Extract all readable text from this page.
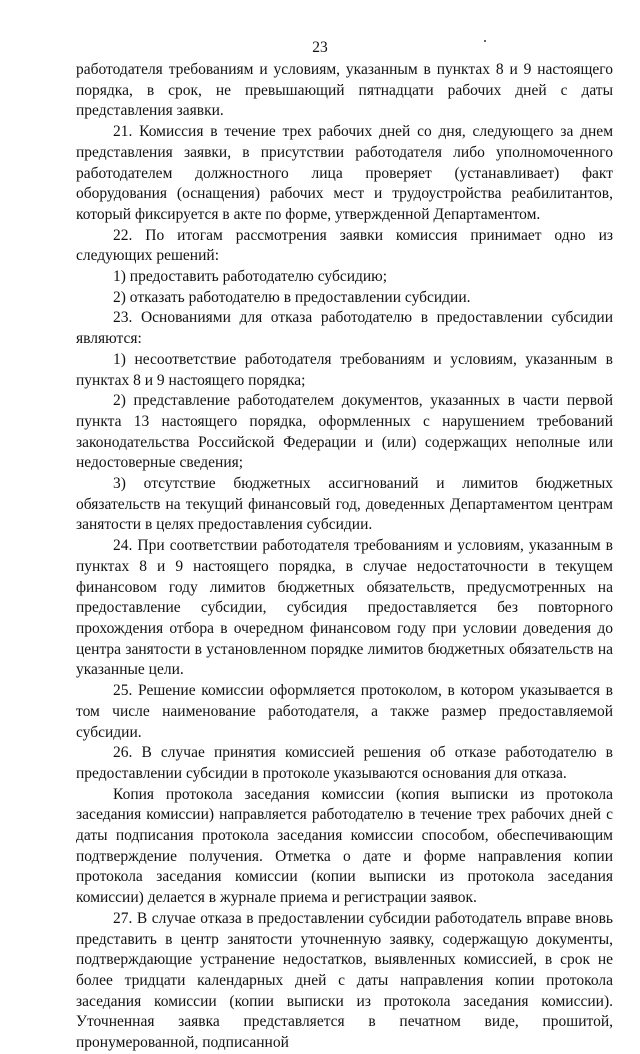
23

работодателя требованиям и условиям, указанным в пунктах 8 и 9 настоящего порядка, в срок, не превышающий пятнадцати рабочих дней с даты представления заявки.

21. Комиссия в течение трех рабочих дней со дня, следующего за днем представления заявки, в присутствии работодателя либо уполномоченного работодателем должностного лица проверяет (устанавливает) факт оборудования (оснащения) рабочих мест и трудоустройства реабилитантов, который фиксируется в акте по форме, утвержденной Департаментом.

22. По итогам рассмотрения заявки комиссия принимает одно из следующих решений:

1) предоставить работодателю субсидию;

2) отказать работодателю в предоставлении субсидии.

23. Основаниями для отказа работодателю в предоставлении субсидии являются:

1) несоответствие работодателя требованиям и условиям, указанным в пунктах 8 и 9 настоящего порядка;

2) представление работодателем документов, указанных в части первой пункта 13 настоящего порядка, оформленных с нарушением требований законодательства Российской Федерации и (или) содержащих неполные или недостоверные сведения;

3) отсутствие бюджетных ассигнований и лимитов бюджетных обязательств на текущий финансовый год, доведенных Департаментом центрам занятости в целях предоставления субсидии.

24. При соответствии работодателя требованиям и условиям, указанным в пунктах 8 и 9 настоящего порядка, в случае недостаточности в текущем финансовом году лимитов бюджетных обязательств, предусмотренных на предоставление субсидии, субсидия предоставляется без повторного прохождения отбора в очередном финансовом году при условии доведения до центра занятости в установленном порядке лимитов бюджетных обязательств на указанные цели.

25. Решение комиссии оформляется протоколом, в котором указывается в том числе наименование работодателя, а также размер предоставляемой субсидии.

26. В случае принятия комиссией решения об отказе работодателю в предоставлении субсидии в протоколе указываются основания для отказа.

Копия протокола заседания комиссии (копия выписки из протокола заседания комиссии) направляется работодателю в течение трех рабочих дней с даты подписания протокола заседания комиссии способом, обеспечивающим подтверждение получения. Отметка о дате и форме направления копии протокола заседания комиссии (копии выписки из протокола заседания комиссии) делается в журнале приема и регистрации заявок.

27. В случае отказа в предоставлении субсидии работодатель вправе вновь представить в центр занятости уточненную заявку, содержащую документы, подтверждающие устранение недостатков, выявленных комиссией, в срок не более тридцати календарных дней с даты направления копии протокола заседания комиссии (копии выписки из протокола заседания комиссии). Уточненная заявка представляется в печатном виде, прошитой, пронумерованной, подписанной
